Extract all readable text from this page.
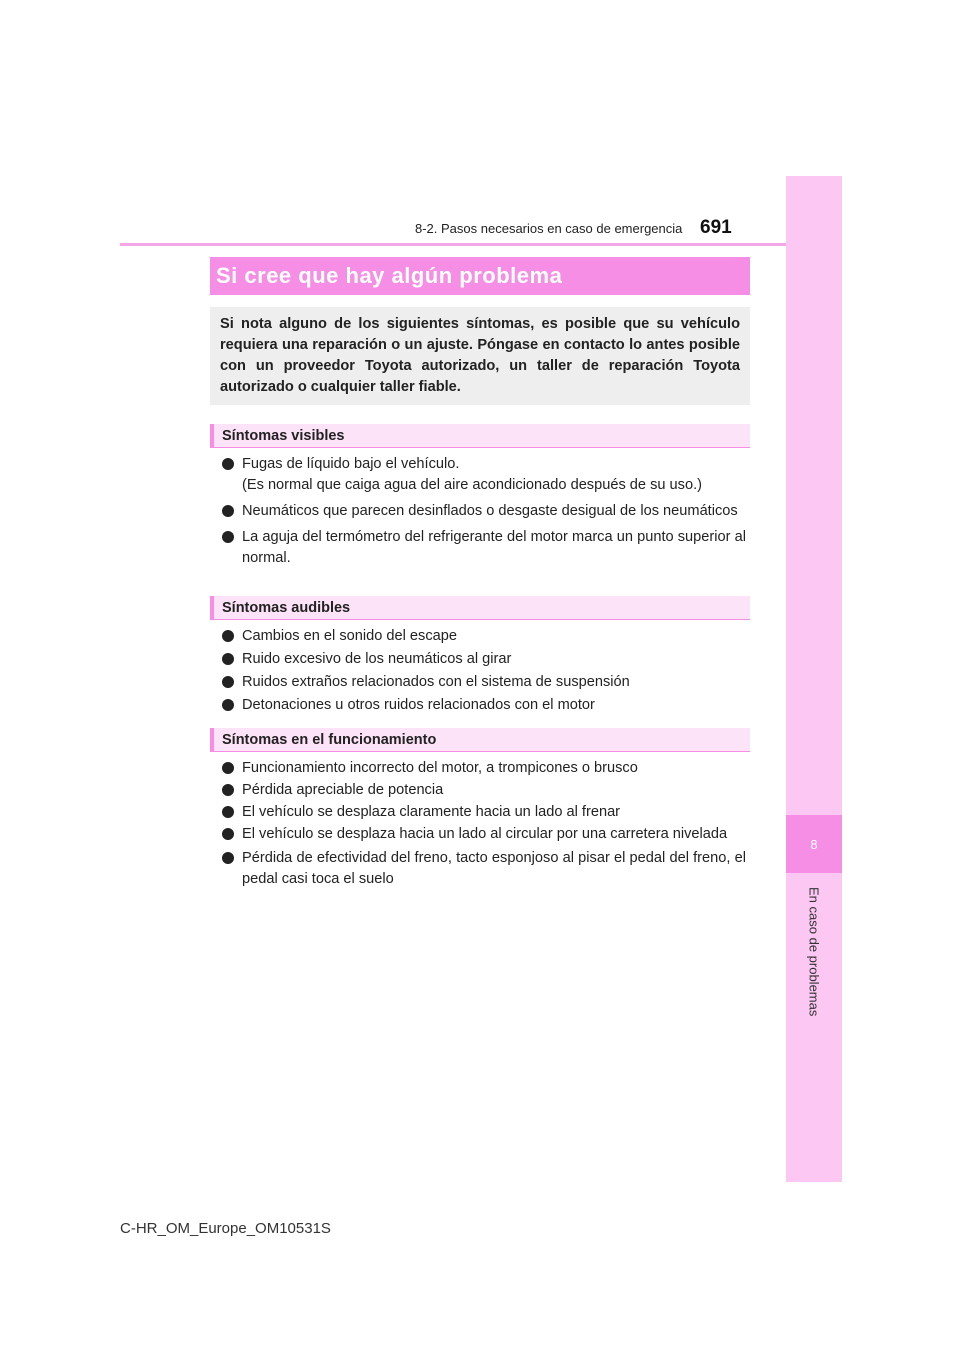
8
En caso de problemas
8-2. Pasos necesarios en caso de emergencia 691
Si cree que hay algún problema
Si nota alguno de los siguientes síntomas, es posible que su vehículo requiera una reparación o un ajuste. Póngase en contacto lo antes posible con un proveedor Toyota autorizado, un taller de reparación Toyota autorizado o cualquier taller fiable.
Síntomas visibles
Fugas de líquido bajo el vehículo.
(Es normal que caiga agua del aire acondicionado después de su uso.)
Neumáticos que parecen desinflados o desgaste desigual de los neumáticos
La aguja del termómetro del refrigerante del motor marca un punto superior al normal.
Síntomas audibles
Cambios en el sonido del escape
Ruido excesivo de los neumáticos al girar
Ruidos extraños relacionados con el sistema de suspensión
Detonaciones u otros ruidos relacionados con el motor
Síntomas en el funcionamiento
Funcionamiento incorrecto del motor, a trompicones o brusco
Pérdida apreciable de potencia
El vehículo se desplaza claramente hacia un lado al frenar
El vehículo se desplaza hacia un lado al circular por una carretera nivelada
Pérdida de efectividad del freno, tacto esponjoso al pisar el pedal del freno, el pedal casi toca el suelo
C-HR_OM_Europe_OM10531S
